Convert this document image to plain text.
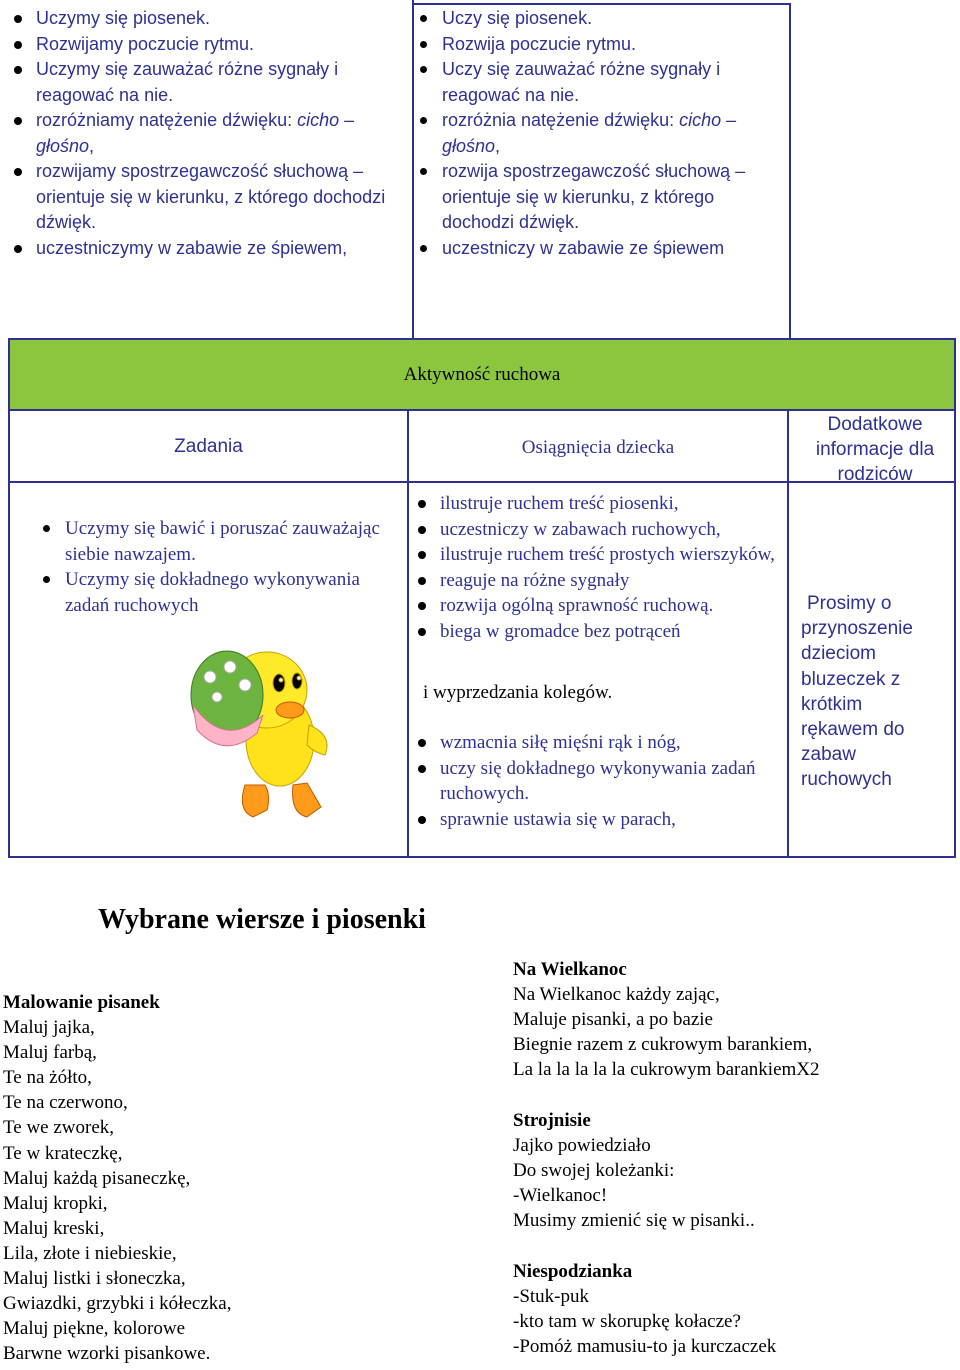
Uczymy się piosenek.
Rozwijamy poczucie rytmu.
Uczymy się zauważać różne sygnały i reagować na nie.
rozróżniamy natężenie dźwięku: cicho – głośno,
rozwijamy spostrzegawczość słuchową – orientuje się w kierunku, z którego dochodzi dźwięk.
uczestniczymy w zabawie ze śpiewem,
Uczy się piosenek.
Rozwija poczucie rytmu.
Uczy się zauważać różne sygnały i reagować na nie.
rozróżnia natężenie dźwięku: cicho – głośno,
rozwija spostrzegawczość słuchową – orientuje się w kierunku, z którego dochodzi dźwięk.
uczestniczy w zabawie ze śpiewem
Aktywność ruchowa
Zadania	Osiągnięcia dziecka
Dodatkowe informacje dla rodziców
Uczymy się bawić i poruszać zauważając siebie nawzajem.
Uczymy się dokładnego wykonywania zadań ruchowych
ilustruje ruchem treść piosenki,
uczestniczy w zabawach ruchowych,
ilustruje ruchem treść prostych wierszyków,
reaguje na różne sygnały
rozwija ogólną sprawność ruchową.
biega w gromadce bez potrąceń
i wyprzedzania kolegów.
wzmacnia siłę mięśni rąk i nóg,
uczy się dokładnego wykonywania zadań ruchowych.
sprawnie ustawia się w parach,
Prosimy o przynoszenie dzieciom bluzeczek z krótkim rękawem do zabaw ruchowych
Wybrane wiersze i piosenki
Malowanie pisanek
Maluj jajka,
Maluj farbą,
Te na żółto,
Te na czerwono,
Te we zworek,
Te w krateczkę,
Maluj każdą pisaneczkę,
Maluj kropki,
Maluj kreski,
Lila, złote i niebieskie,
Maluj listki i słoneczka,
Gwiazdki, grzybki i kółeczka,
Maluj piękne, kolorowe
Barwne wzorki pisankowe.
Na Wielkanoc
Na Wielkanoc każdy zając,
Maluje pisanki, a po bazie
Biegnie razem z cukrowym barankiem,
La la la la la la cukrowym barankiemX2
Strojnisie
Jajko powiedziało
Do swojej koleżanki:
-Wielkanoc!
Musimy zmienić się w pisanki..
Niespodzianka
-Stuk-puk
-kto tam w skorupkę kołacze?
-Pomóż mamusiu-to ja kurczaczek
